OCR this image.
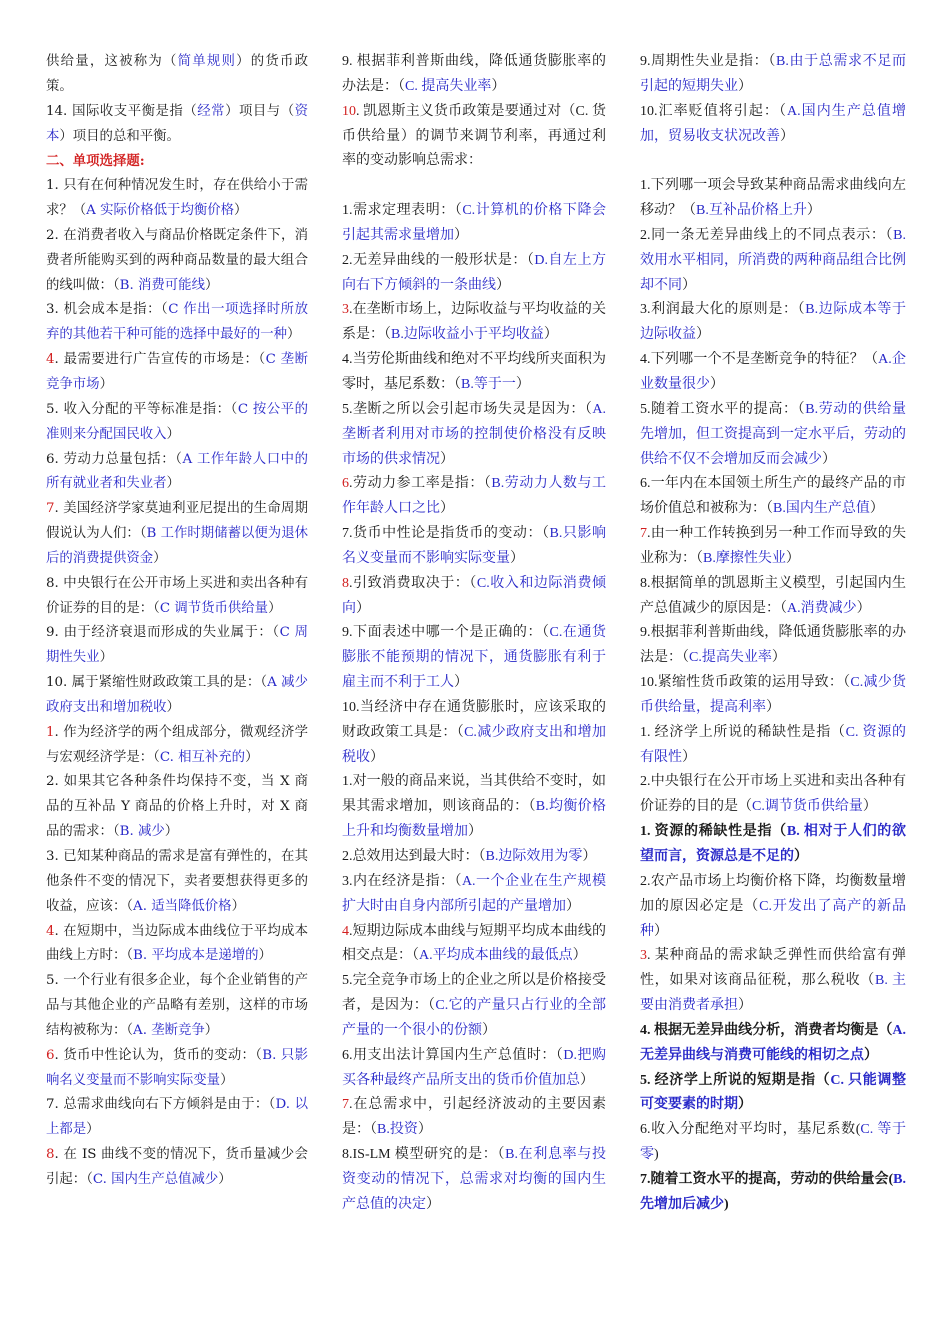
供给量，这被称为（简单规则）的货币政策。

14. 国际收支平衡是指（经常）项目与（资本）项目的总和平衡。

二、单项选择题:

1. 只有在何种情况发生时，存在供给小于需求？（A 实际价格低于均衡价格）

2. 在消费者收入与商品价格既定条件下，消费者所能购买到的两种商品数量的最大组合的线叫做：（B. 消费可能线）

3. 机会成本是指：（C 作出一项选择时所放弃的其他若干种可能的选择中最好的一种）

4. 最需要进行广告宣传的市场是：（C 垄断竞争市场）

5. 收入分配的平等标准是指：（C 按公平的准则来分配国民收入）

6. 劳动力总量包括：（A 工作年龄人口中的所有就业者和失业者）

7. 美国经济学家莫迪利亚尼提出的生命周期假说认为人们：（B 工作时期储蓄以便为退休后的消费提供资金）

8. 中央银行在公开市场上买进和卖出各种有价证券的目的是：（C 调节货币供给量）

9. 由于经济衰退而形成的失业属于：（C 周期性失业）

10. 属于紧缩性财政政策工具的是：（A 减少政府支出和增加税收）

1. 作为经济学的两个组成部分，微观经济学与宏观经济学是：（C. 相互补充的）

2. 如果其它各种条件均保持不变，当 X 商品的互补品 Y 商品的价格上升时，对 X 商品的需求：（B. 减少）

3. 已知某种商品的需求是富有弹性的，在其他条件不变的情况下，卖者要想获得更多的收益，应该：（A. 适当降低价格）

4. 在短期中，当边际成本曲线位于平均成本曲线上方时：（B. 平均成本是递增的）

5. 一个行业有很多企业，每个企业销售的产品与其他企业的产品略有差别，这样的市场结构被称为：（A. 垄断竞争）

6. 货币中性论认为，货币的变动：（B. 只影响名义变量而不影响实际变量）

7. 总需求曲线向右下方倾斜是由于：（D. 以上都是）

8. 在 IS 曲线不变的情况下，货币量减少会引起：（C. 国内生产总值减少）

9. 根据菲利普斯曲线，降低通货膨胀率的办法是：（C. 提高失业率）

10. 凯恩斯主义货币政策是要通过对（C. 货币供给量）的调节来调节利率，再通过利率的变动影响总需求：

1.需求定理表明：（C.计算机的价格下降会引起其需求量增加）

2.无差异曲线的一般形状是：（D.自左上方向右下方倾斜的一条曲线）

3.在垄断市场上，边际收益与平均收益的关系是：（B.边际收益小于平均收益）

4.当劳伦斯曲线和绝对不平均线所夹面积为零时，基尼系数：（B.等于一）

5.垄断之所以会引起市场失灵是因为：（A.垄断者利用对市场的控制使价格没有反映市场的供求情况）

6.劳动力参工率是指：（B.劳动力人数与工作年龄人口之比）

7.货币中性论是指货币的变动：（B.只影响名义变量而不影响实际变量）

8.引致消费取决于：（C.收入和边际消费倾向）

9.下面表述中哪一个是正确的：（C.在通货膨胀不能预期的情况下，通货膨胀有利于雇主而不利于工人）

10.当经济中存在通货膨胀时，应该采取的财政政策工具是：（C.减少政府支出和增加税收）

1.对一般的商品来说，当其供给不变时，如果其需求增加，则该商品的：（B.均衡价格上升和均衡数量增加）

2.总效用达到最大时：（B.边际效用为零）

3.内在经济是指：（A.一个企业在生产规模扩大时由自身内部所引起的产量增加）

4.短期边际成本曲线与短期平均成本曲线的相交点是：（A.平均成本曲线的最低点）

5.完全竞争市场上的企业之所以是价格接受者，是因为：（C.它的产量只占行业的全部产量的一个很小的份额）

6.用支出法计算国内生产总值时：（D.把购买各种最终产品所支出的货币价值加总）

7.在总需求中，引起经济波动的主要因素是：（B.投资）

8.IS-LM 模型研究的是：（B.在利息率与投资变动的情况下，总需求对均衡的国内生产总值的决定）

9.周期性失业是指：（B.由于总需求不足而引起的短期失业）

10.汇率贬值将引起：（A.国内生产总值增加，贸易收支状况改善）

1.下列哪一项会导致某种商品需求曲线向左移动？（B.互补品价格上升）

2.同一条无差异曲线上的不同点表示：（B.效用水平相同，所消费的两种商品组合比例却不同）

3.利润最大化的原则是：（B.边际成本等于边际收益）

4.下列哪一个不是垄断竞争的特征？（A.企业数量很少）

5.随着工资水平的提高：（B.劳动的供给量先增加，但工资提高到一定水平后，劳动的供给不仅不会增加反而会减少）

6.一年内在本国领土所生产的最终产品的市场价值总和被称为：（B.国内生产总值）

7.由一种工作转换到另一种工作而导致的失业称为：（B.摩擦性失业）

8.根据简单的凯恩斯主义模型，引起国内生产总值减少的原因是：（A.消费减少）

9.根据菲利普斯曲线，降低通货膨胀率的办法是：（C.提高失业率）

10.紧缩性货币政策的运用导致：（C.减少货币供给量，提高利率）

1. 经济学上所说的稀缺性是指（C. 资源的有限性）

2.中央银行在公开市场上买进和卖出各种有价证券的目的是（C.调节货币供给量）

1. 资源的稀缺性是指（B. 相对于人们的欲望而言，资源总是不足的）

2.农产品市场上均衡价格下降，均衡数量增加的原因必定是（C.开发出了高产的新品种）

3. 某种商品的需求缺乏弹性而供给富有弹性，如果对该商品征税，那么税收（B. 主要由消费者承担）

4. 根据无差异曲线分析，消费者均衡是（A. 无差异曲线与消费可能线的相切之点）

5. 经济学上所说的短期是指（C. 只能调整可变要素的时期）

6.收入分配绝对平均时，基尼系数(C. 等于零)

7.随着工资水平的提高，劳动的供给量会(B. 先增加后减少)
